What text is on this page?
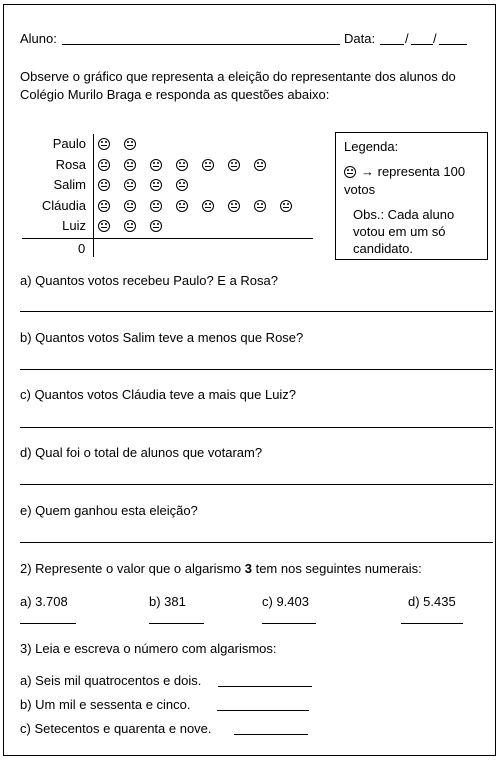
Aluno:	Data: / /
Observe o gráfico que representa a eleição do representante dos alunos do
Colégio Murilo Braga e responda as questões abaixo:
0
Paulo
Rosa
Salim
Cláudia
Luiz
Legenda:
→ representa 100
votos
Obs.: Cada aluno
votou em um só
candidato.
a) Quantos votos recebeu Paulo? E a Rosa?
b) Quantos votos Salim teve a menos que Rose?
c) Quantos votos Cláudia teve a mais que Luiz?
d) Qual foi o total de alunos que votaram?
e) Quem ganhou esta eleição?
2) Represente o valor que o algarismo 3 tem nos seguintes numerais:
a) 3.708	b) 381	c) 9.403	d) 5.435
3) Leia e escreva o número com algarismos:
a) Seis mil quatrocentos e dois.
b) Um mil e sessenta e cinco.
c) Setecentos e quarenta e nove.
